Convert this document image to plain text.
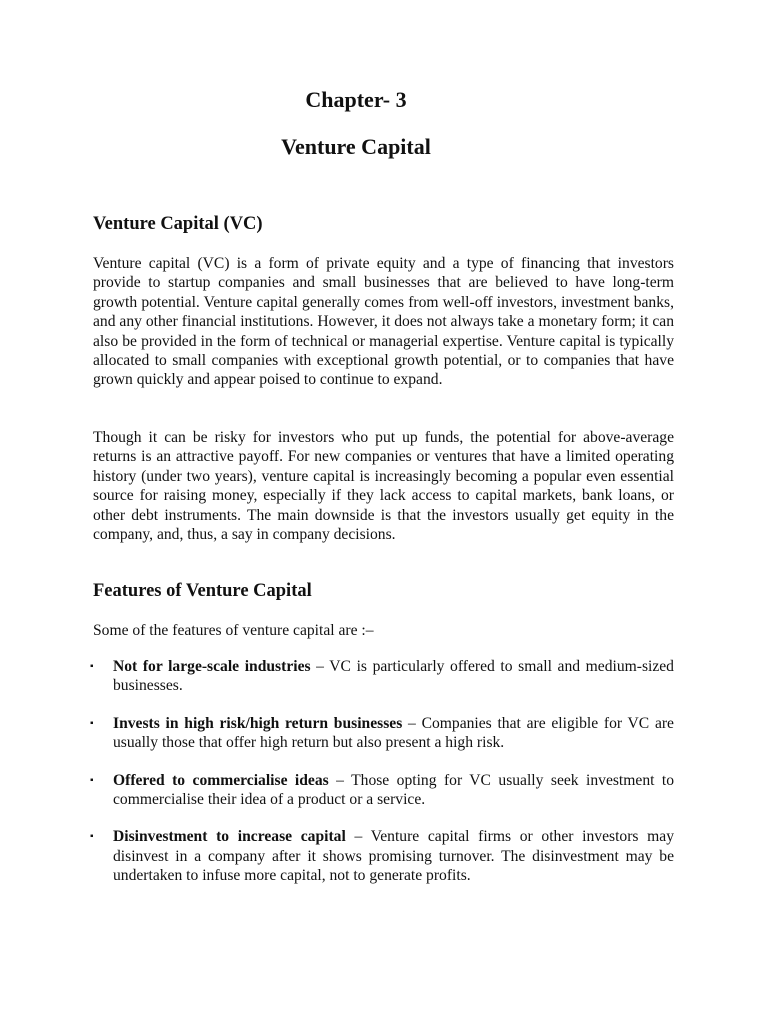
Chapter- 3
Venture Capital
Venture Capital (VC)

Venture capital (VC) is a form of private equity and a type of financing that investors provide to startup companies and small businesses that are believed to have long-term growth potential. Venture capital generally comes from well-off investors, investment banks, and any other financial institutions. However, it does not always take a monetary form; it can also be provided in the form of technical or managerial expertise. Venture capital is typically allocated to small companies with exceptional growth potential, or to companies that have grown quickly and appear poised to continue to expand.

Though it can be risky for investors who put up funds, the potential for above-average returns is an attractive payoff. For new companies or ventures that have a limited operating history (under two years), venture capital is increasingly becoming a popular even essential source for raising money, especially if they lack access to capital markets, bank loans, or other debt instruments. The main downside is that the investors usually get equity in the company, and, thus, a say in company decisions.

Features of Venture Capital

Some of the features of venture capital are :–

▪ Not for large-scale industries – VC is particularly offered to small and medium-sized businesses.
▪ Invests in high risk/high return businesses – Companies that are eligible for VC are usually those that offer high return but also present a high risk.
▪ Offered to commercialise ideas – Those opting for VC usually seek investment to commercialise their idea of a product or a service.
▪ Disinvestment to increase capital – Venture capital firms or other investors may disinvest in a company after it shows promising turnover. The disinvestment may be undertaken to infuse more capital, not to generate profits.
